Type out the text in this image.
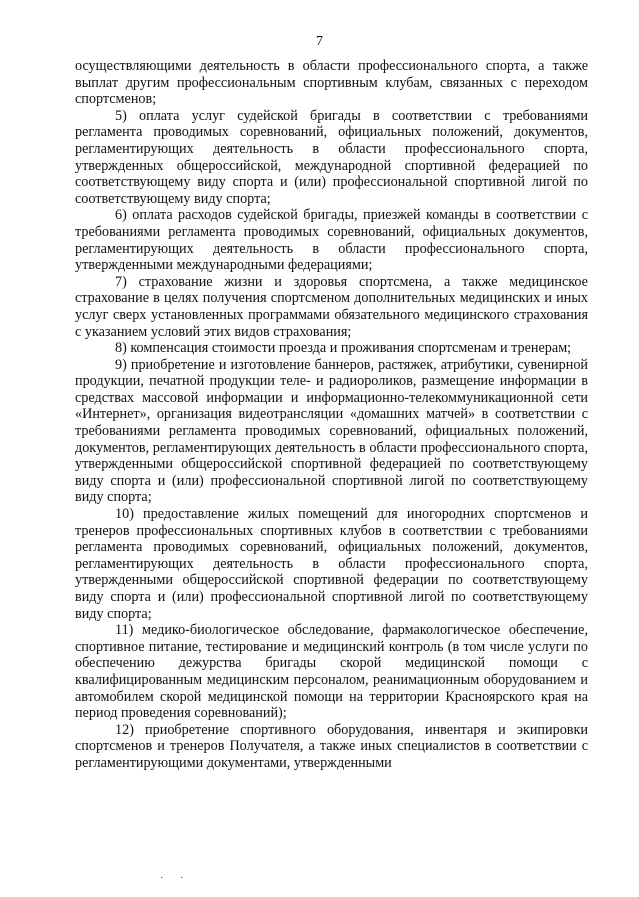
7

осуществляющими деятельность в области профессионального спорта, а также выплат другим профессиональным спортивным клубам, связанных с переходом спортсменов;

5) оплата услуг судейской бригады в соответствии с требованиями регламента проводимых соревнований, официальных положений, документов, регламентирующих деятельность в области профессионального спорта, утвержденных общероссийской, международной спортивной федерацией по соответствующему виду спорта и (или) профессиональной спортивной лигой по соответствующему виду спорта;

6) оплата расходов судейской бригады, приезжей команды в соответствии с требованиями регламента проводимых соревнований, официальных документов, регламентирующих деятельность в области профессионального спорта, утвержденными международными федерациями;

7) страхование жизни и здоровья спортсмена, а также медицинское страхование в целях получения спортсменом дополнительных медицинских и иных услуг сверх установленных программами обязательного медицинского страхования с указанием условий этих видов страхования;

8) компенсация стоимости проезда и проживания спортсменам и тренерам;

9) приобретение и изготовление баннеров, растяжек, атрибутики, сувенирной продукции, печатной продукции теле- и радиороликов, размещение информации в средствах массовой информации и информационно-телекоммуникационной сети «Интернет», организация видеотрансляции «домашних матчей» в соответствии с требованиями регламента проводимых соревнований, официальных положений, документов, регламентирующих деятельность в области профессионального спорта, утвержденными общероссийской спортивной федерацией по соответствующему виду спорта и (или) профессиональной спортивной лигой по соответствующему виду спорта;

10) предоставление жилых помещений для иногородних спортсменов и тренеров профессиональных спортивных клубов в соответствии с требованиями регламента проводимых соревнований, официальных положений, документов, регламентирующих деятельность в области профессионального спорта, утвержденными общероссийской спортивной федерации по соответствующему виду спорта и (или) профессиональной спортивной лигой по соответствующему виду спорта;

11) медико-биологическое обследование, фармакологическое обеспечение, спортивное питание, тестирование и медицинский контроль (в том числе услуги по обеспечению дежурства бригады скорой медицинской помощи с квалифицированным медицинским персоналом, реанимационным оборудованием и автомобилем скорой медицинской помощи на территории Красноярского края на период проведения соревнований);

12) приобретение спортивного оборудования, инвентаря и экипировки спортсменов и тренеров Получателя, а также иных специалистов в соответствии с регламентирующими документами, утвержденными

· ·
